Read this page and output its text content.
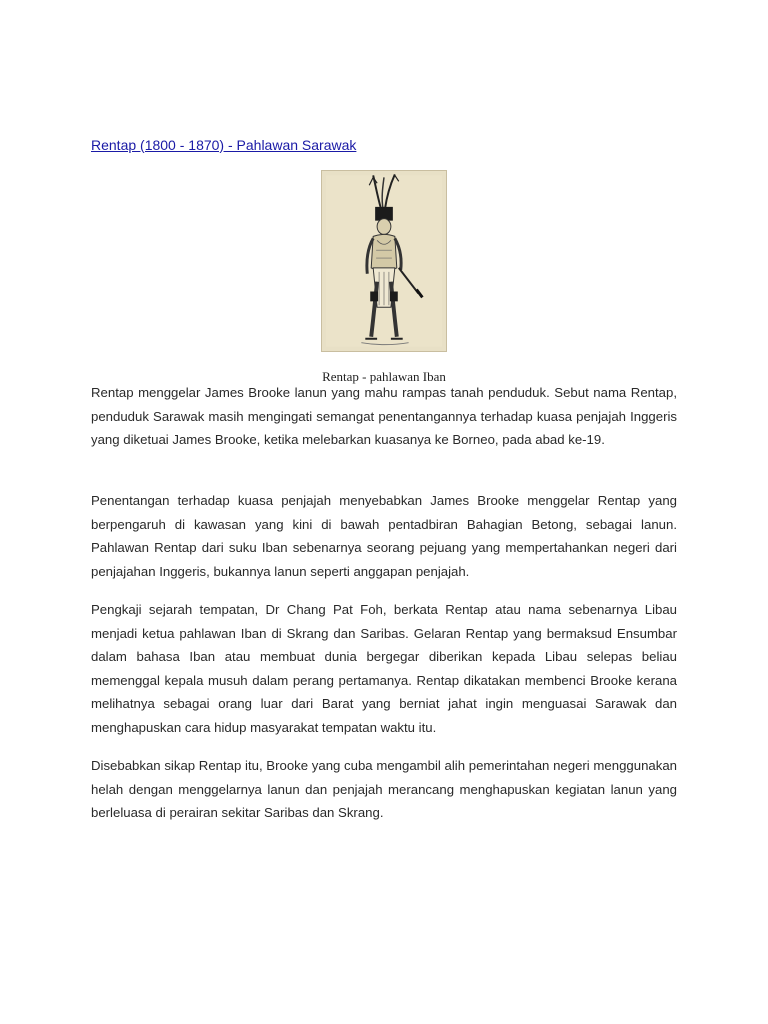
Rentap (1800 - 1870) - Pahlawan Sarawak
Rentap - pahlawan Iban

Rentap menggelar James Brooke lanun yang mahu rampas tanah penduduk. Sebut nama Rentap, penduduk Sarawak masih mengingati semangat penentangannya terhadap kuasa penjajah Inggeris yang diketuai James Brooke, ketika melebarkan kuasanya ke Borneo, pada abad ke-19.

Penentangan terhadap kuasa penjajah menyebabkan James Brooke menggelar Rentap yang berpengaruh di kawasan yang kini di bawah pentadbiran Bahagian Betong, sebagai lanun. Pahlawan Rentap dari suku Iban sebenarnya seorang pejuang yang mempertahankan negeri dari penjajahan Inggeris, bukannya lanun seperti anggapan penjajah.

Pengkaji sejarah tempatan, Dr Chang Pat Foh, berkata Rentap atau nama sebenarnya Libau menjadi ketua pahlawan Iban di Skrang dan Saribas. Gelaran Rentap yang bermaksud Ensumbar dalam bahasa Iban atau membuat dunia bergegar diberikan kepada Libau selepas beliau memenggal kepala musuh dalam perang pertamanya. Rentap dikatakan membenci Brooke kerana melihatnya sebagai orang luar dari Barat yang berniat jahat ingin menguasai Sarawak dan menghapuskan cara hidup masyarakat tempatan waktu itu.

Disebabkan sikap Rentap itu, Brooke yang cuba mengambil alih pemerintahan negeri menggunakan helah dengan menggelarnya lanun dan penjajah merancang menghapuskan kegiatan lanun yang berleluasa di perairan sekitar Saribas dan Skrang.
